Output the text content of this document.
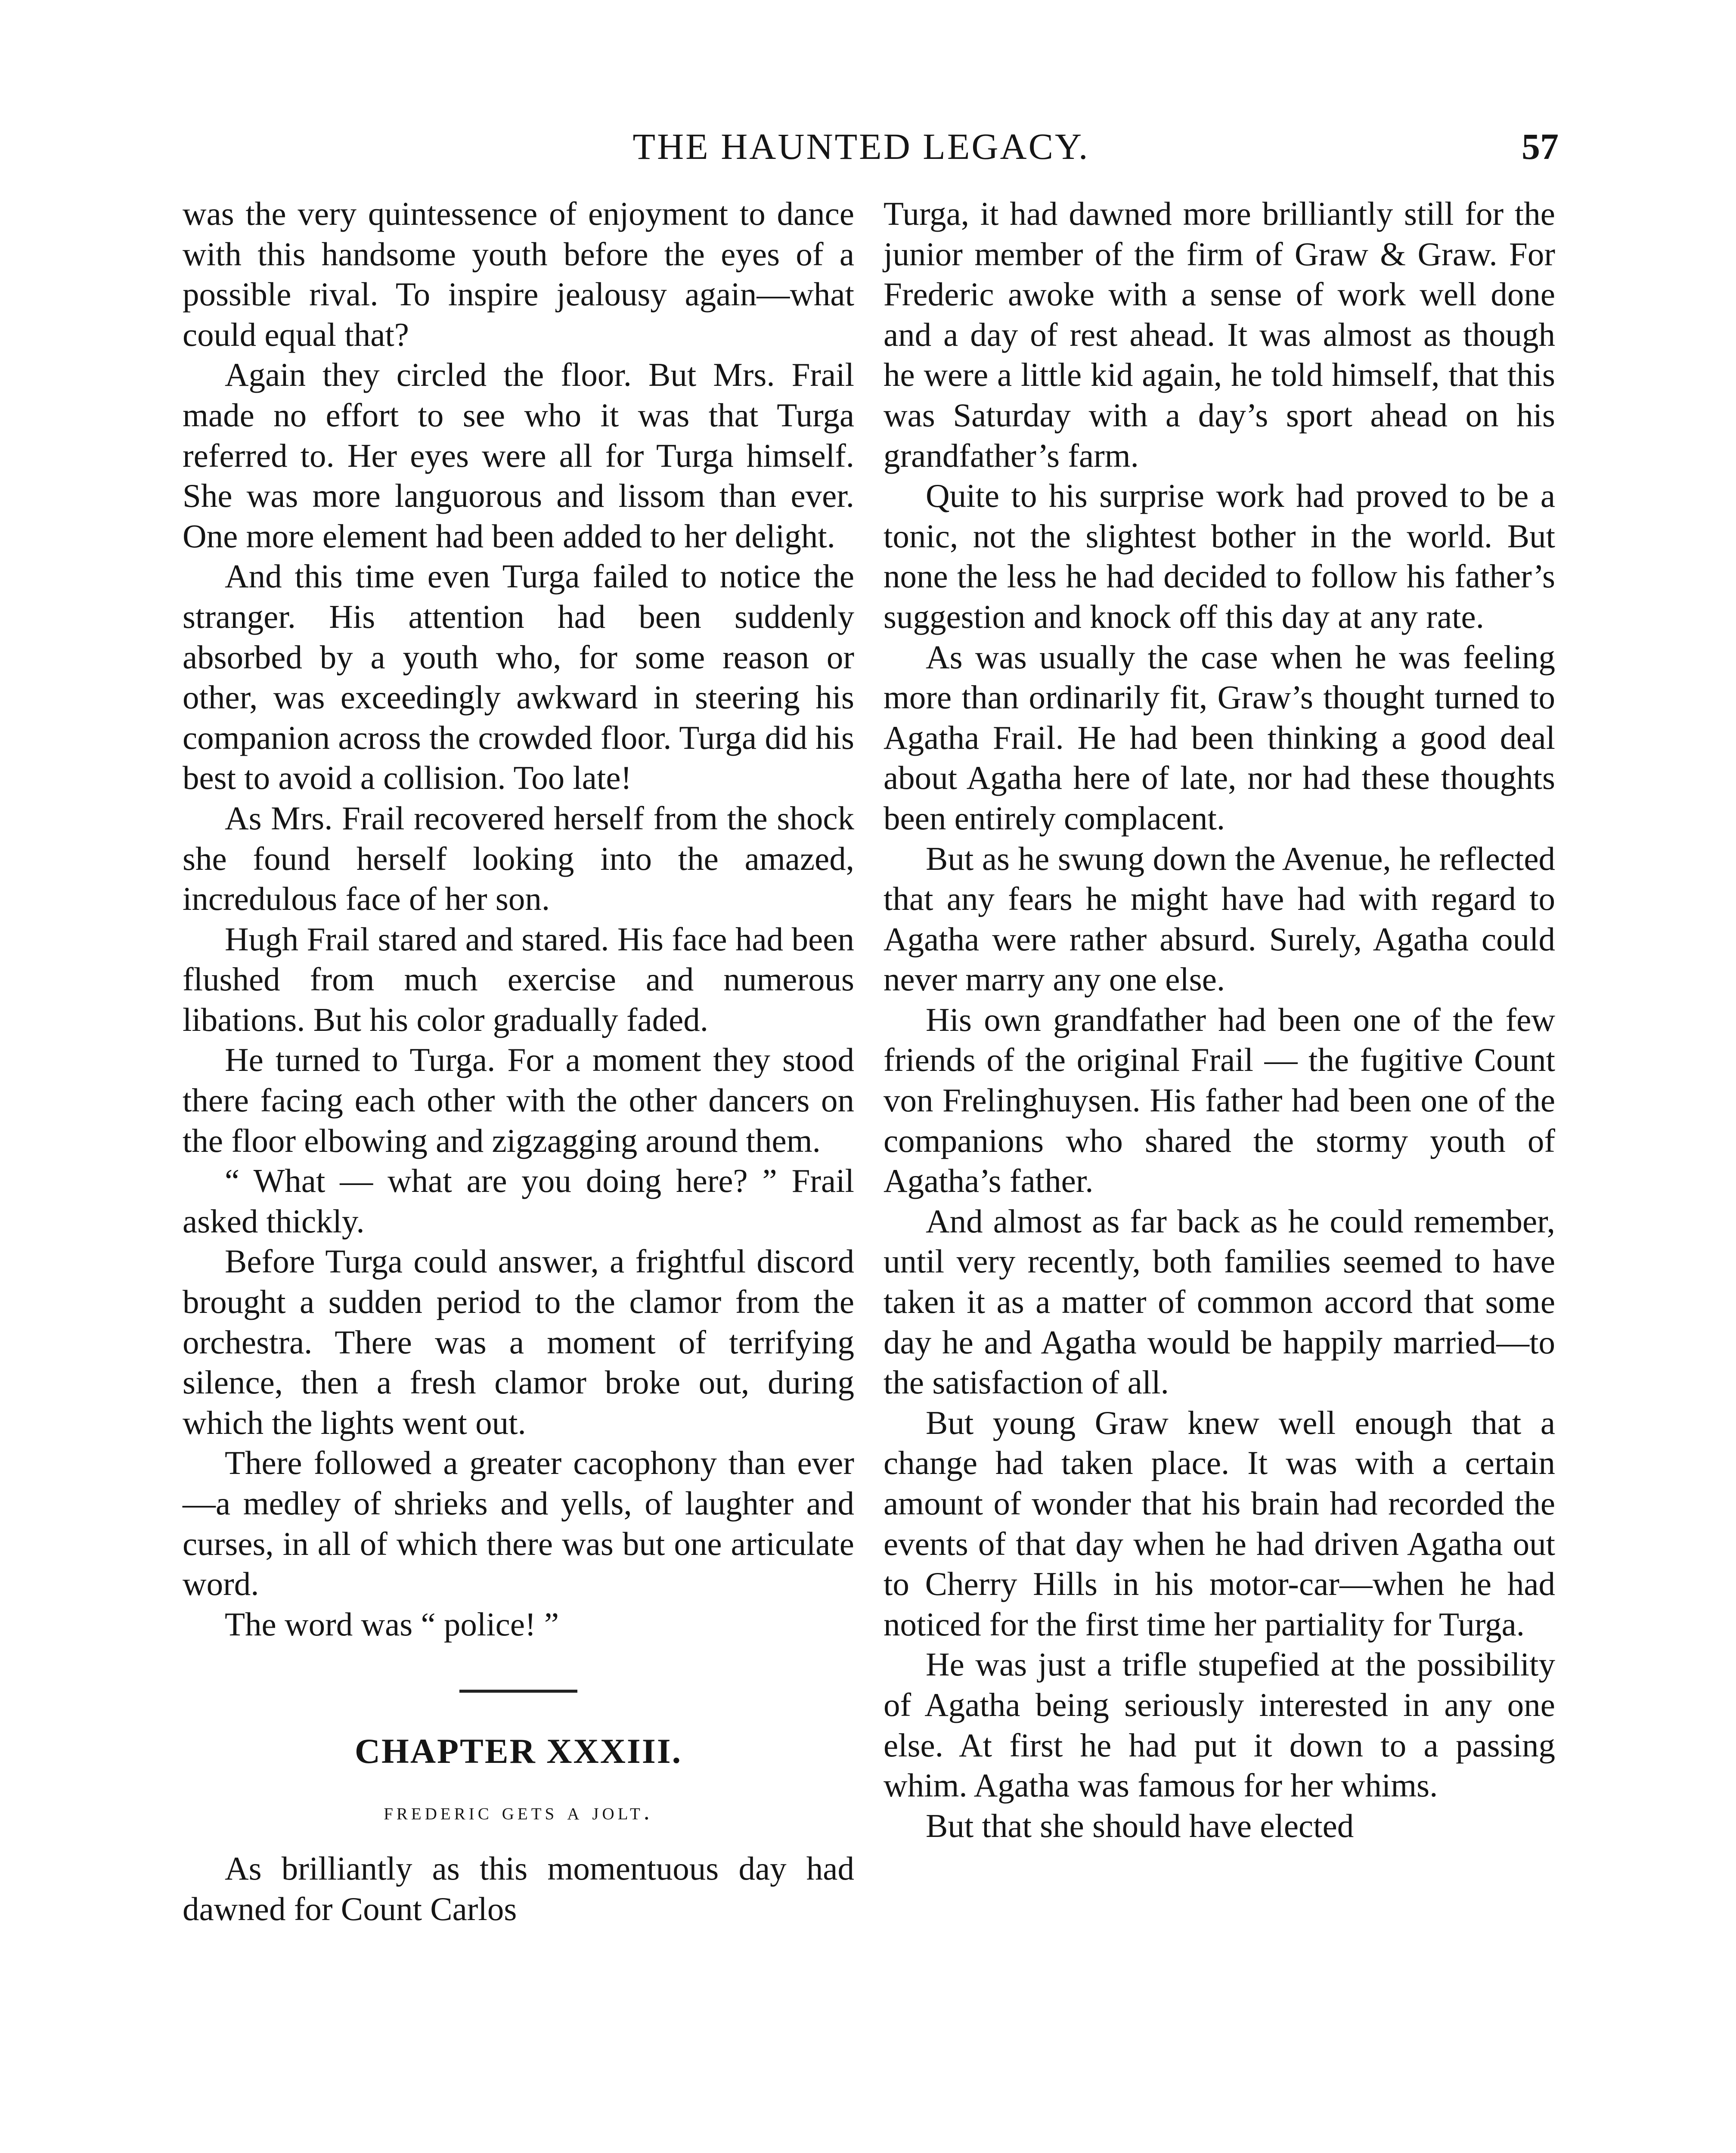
THE HAUNTED LEGACY.	57

was the very quintessence of enjoyment to dance with this handsome youth before the eyes of a possible rival. To inspire jealousy again—what could equal that?

Again they circled the floor. But Mrs. Frail made no effort to see who it was that Turga referred to. Her eyes were all for Turga himself. She was more languorous and lissom than ever. One more element had been added to her delight.

And this time even Turga failed to notice the stranger. His attention had been suddenly absorbed by a youth who, for some reason or other, was exceedingly awkward in steering his companion across the crowded floor. Turga did his best to avoid a collision. Too late!

As Mrs. Frail recovered herself from the shock she found herself looking into the amazed, incredulous face of her son.

Hugh Frail stared and stared. His face had been flushed from much exercise and numerous libations. But his color gradually faded.

He turned to Turga. For a moment they stood there facing each other with the other dancers on the floor elbowing and zigzagging around them.

“ What — what are you doing here? ” Frail asked thickly.

Before Turga could answer, a frightful discord brought a sudden period to the clamor from the orchestra. There was a moment of terrifying silence, then a fresh clamor broke out, during which the lights went out.

There followed a greater cacophony than ever—a medley of shrieks and yells, of laughter and curses, in all of which there was but one articulate word.

The word was “ police! ”

CHAPTER XXXIII.
frederic gets a jolt.

As brilliantly as this momentuous day had dawned for Count Carlos

Turga, it had dawned more brilliantly still for the junior member of the firm of Graw & Graw. For Frederic awoke with a sense of work well done and a day of rest ahead. It was almost as though he were a little kid again, he told himself, that this was Saturday with a day’s sport ahead on his grandfather’s farm.

Quite to his surprise work had proved to be a tonic, not the slightest bother in the world. But none the less he had decided to follow his father’s suggestion and knock off this day at any rate.

As was usually the case when he was feeling more than ordinarily fit, Graw’s thought turned to Agatha Frail. He had been thinking a good deal about Agatha here of late, nor had these thoughts been entirely complacent.

But as he swung down the Avenue, he reflected that any fears he might have had with regard to Agatha were rather absurd. Surely, Agatha could never marry any one else.

His own grandfather had been one of the few friends of the original Frail — the fugitive Count von Frelinghuysen. His father had been one of the companions who shared the stormy youth of Agatha’s father.

And almost as far back as he could remember, until very recently, both families seemed to have taken it as a matter of common accord that some day he and Agatha would be happily married—to the satisfaction of all.

But young Graw knew well enough that a change had taken place. It was with a certain amount of wonder that his brain had recorded the events of that day when he had driven Agatha out to Cherry Hills in his motor-car—when he had noticed for the first time her partiality for Turga.

He was just a trifle stupefied at the possibility of Agatha being seriously interested in any one else. At first he had put it down to a passing whim. Agatha was famous for her whims.

But that she should have elected
